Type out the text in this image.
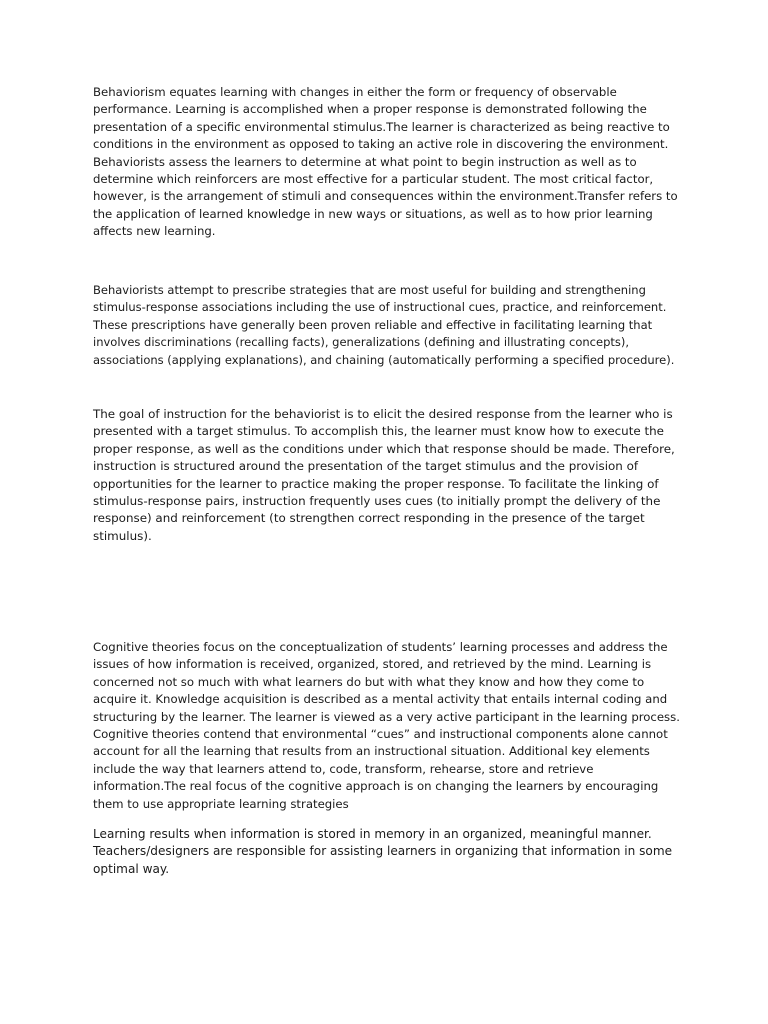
Behaviorism equates learning with changes in either the form or frequency of observable
performance. Learning is accomplished when a proper response is demonstrated following the
presentation of a specific environmental stimulus.The learner is characterized as being reactive to
conditions in the environment as opposed to taking an active role in discovering the environment.
Behaviorists assess the learners to determine at what point to begin instruction as well as to
determine which reinforcers are most effective for a particular student. The most critical factor,
however, is the arrangement of stimuli and consequences within the environment.Transfer refers to
the application of learned knowledge in new ways or situations, as well as to how prior learning
affects new learning.

Behaviorists attempt to prescribe strategies that are most useful for building and strengthening
stimulus-response associations including the use of instructional cues, practice, and reinforcement.
These prescriptions have generally been proven reliable and effective in facilitating learning that
involves discriminations (recalling facts), generalizations (defining and illustrating concepts),
associations (applying explanations), and chaining (automatically performing a specified procedure).

The goal of instruction for the behaviorist is to elicit the desired response from the learner who is
presented with a target stimulus. To accomplish this, the learner must know how to execute the
proper response, as well as the conditions under which that response should be made. Therefore,
instruction is structured around the presentation of the target stimulus and the provision of
opportunities for the learner to practice making the proper response. To facilitate the linking of
stimulus-response pairs, instruction frequently uses cues (to initially prompt the delivery of the
response) and reinforcement (to strengthen correct responding in the presence of the target
stimulus).

Cognitive theories focus on the conceptualization of students’ learning processes and address the
issues of how information is received, organized, stored, and retrieved by the mind. Learning is
concerned not so much with what learners do but with what they know and how they come to
acquire it. Knowledge acquisition is described as a mental activity that entails internal coding and
structuring by the learner. The learner is viewed as a very active participant in the learning process.
Cognitive theories contend that environmental “cues” and instructional components alone cannot
account for all the learning that results from an instructional situation. Additional key elements
include the way that learners attend to, code, transform, rehearse, store and retrieve
information.The real focus of the cognitive approach is on changing the learners by encouraging
them to use appropriate learning strategies

Learning results when information is stored in memory in an organized, meaningful manner.
Teachers/designers are responsible for assisting learners in organizing that information in some
optimal way.
